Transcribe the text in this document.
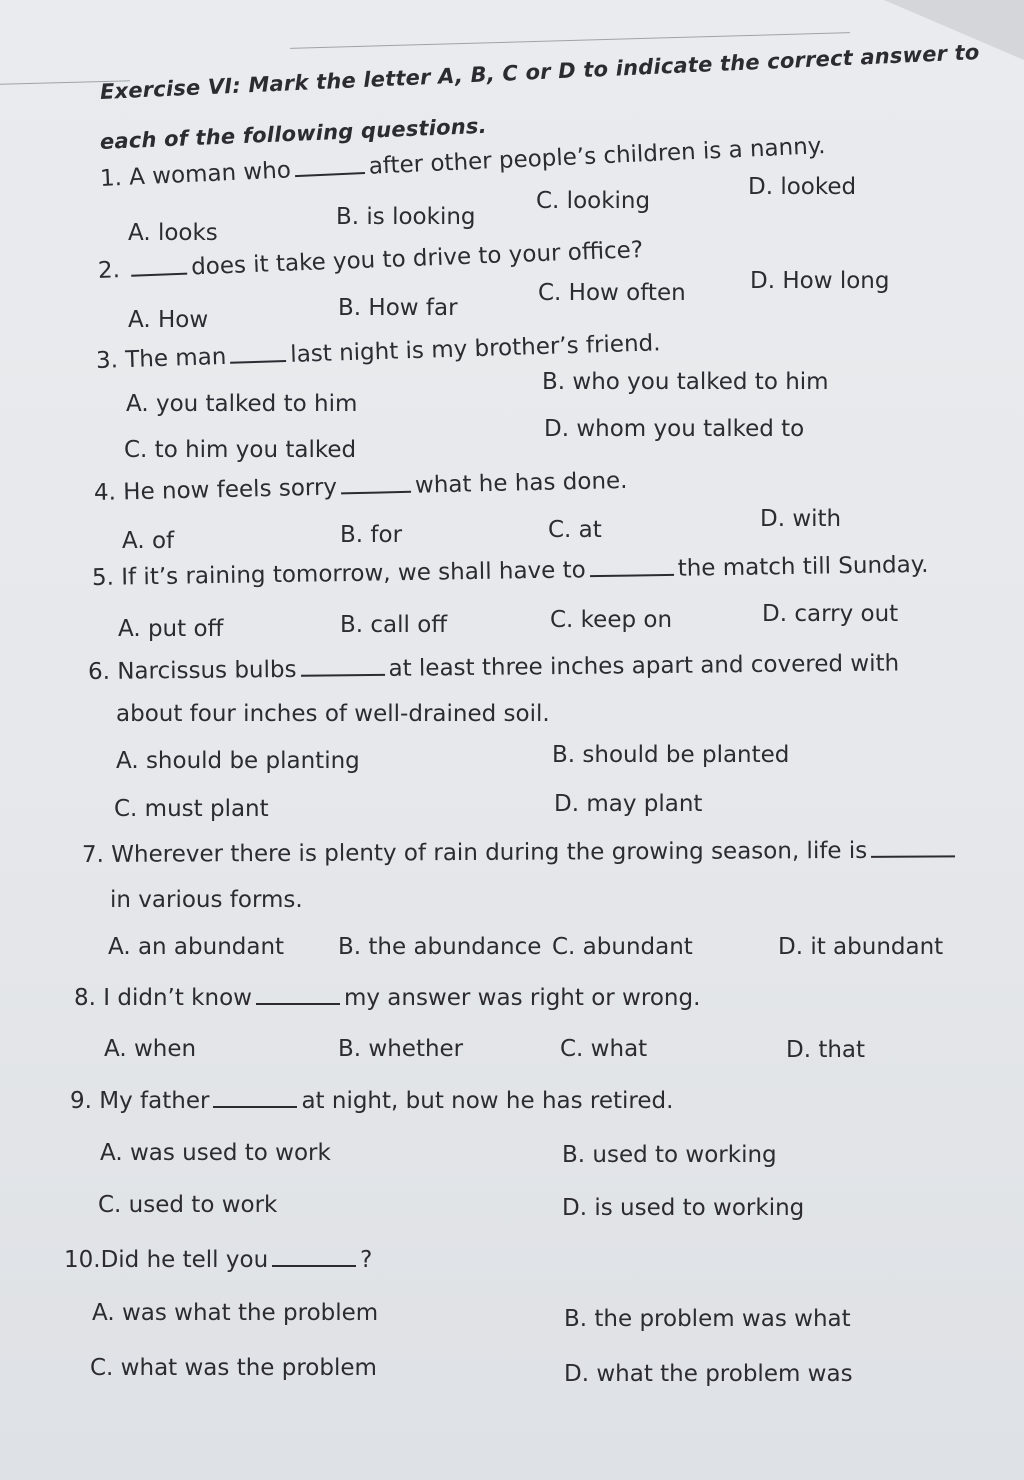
Exercise VI: Mark the letter A, B, C or D to indicate the correct answer to
each of the following questions.
1. A woman who	after other people’s children is a nanny.
A. looks
B. is looking
C. looking
D. looked
2.	does it take you to drive to your office?
A. How	B. How far
C. How often	D. How long
3. The man	last night is my brother’s friend.
A. you talked to him
B. who you talked to him
C. to him you talked
D. whom you talked to
4. He now feels sorry	what he has done.
A. of	B. for	C. at	D. with
5. If it’s raining tomorrow, we shall have to	the match till Sunday.
A. put off	B. call off	C. keep on	D. carry out
6. Narcissus bulbs	at least three inches apart and covered with
about four inches of well-drained soil.
A. should be planting	B. should be planted
C. must plant	D. may plant
7. Wherever there is plenty of rain during the growing season, life is
in various forms.
A. an abundant B. the abundance C. abundant	D. it abundant
8. I didn’t know	my answer was right or wrong.
A. when	B. whether	C. what	D. that
9. My father	at night, but now he has retired.
A. was used to work	B. used to working
C. used to work	D. is used to working
10.Did he tell you	?
A. was what the problem	B. the problem was what
C. what was the problem	D. what the problem was
